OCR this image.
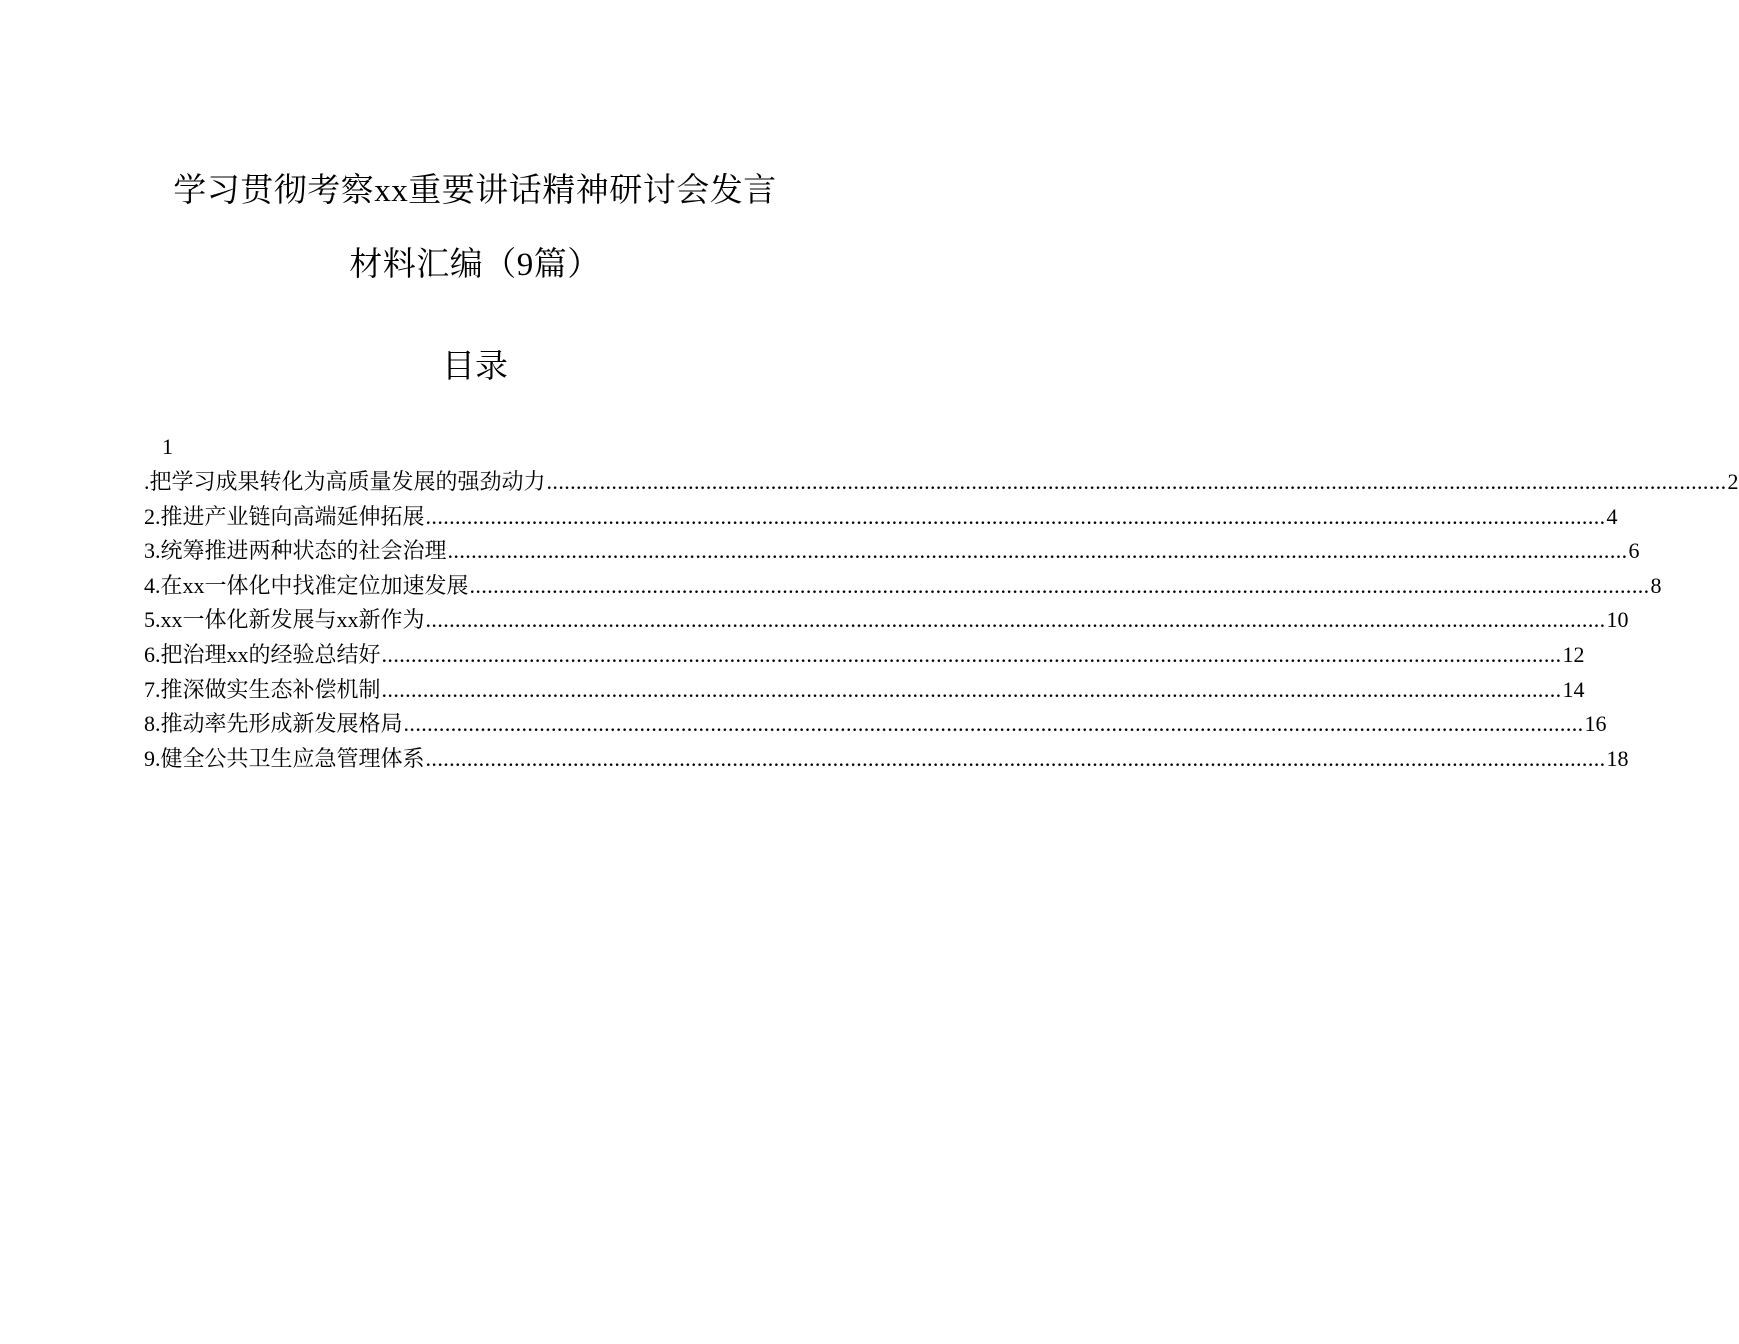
学习贯彻考察xx重要讲话精神研讨会发言
材料汇编（9篇）
目录
1
.把学习成果转化为高质量发展的强劲动力 ........................................................................................................................................................................................................ 2
2.推进产业链向高端延伸拓展 ........................................................................................................................................................................................................ 4
3.统筹推进两种状态的社会治理 ........................................................................................................................................................................................................ 6
4.在xx一体化中找准定位加速发展 ........................................................................................................................................................................................................ 8
5.xx一体化新发展与xx新作为 ........................................................................................................................................................................................................ 10
6.把治理xx的经验总结好 ........................................................................................................................................................................................................ 12
7.推深做实生态补偿机制 ........................................................................................................................................................................................................ 14
8.推动率先形成新发展格局 ........................................................................................................................................................................................................ 16
9.健全公共卫生应急管理体系 ........................................................................................................................................................................................................ 18
